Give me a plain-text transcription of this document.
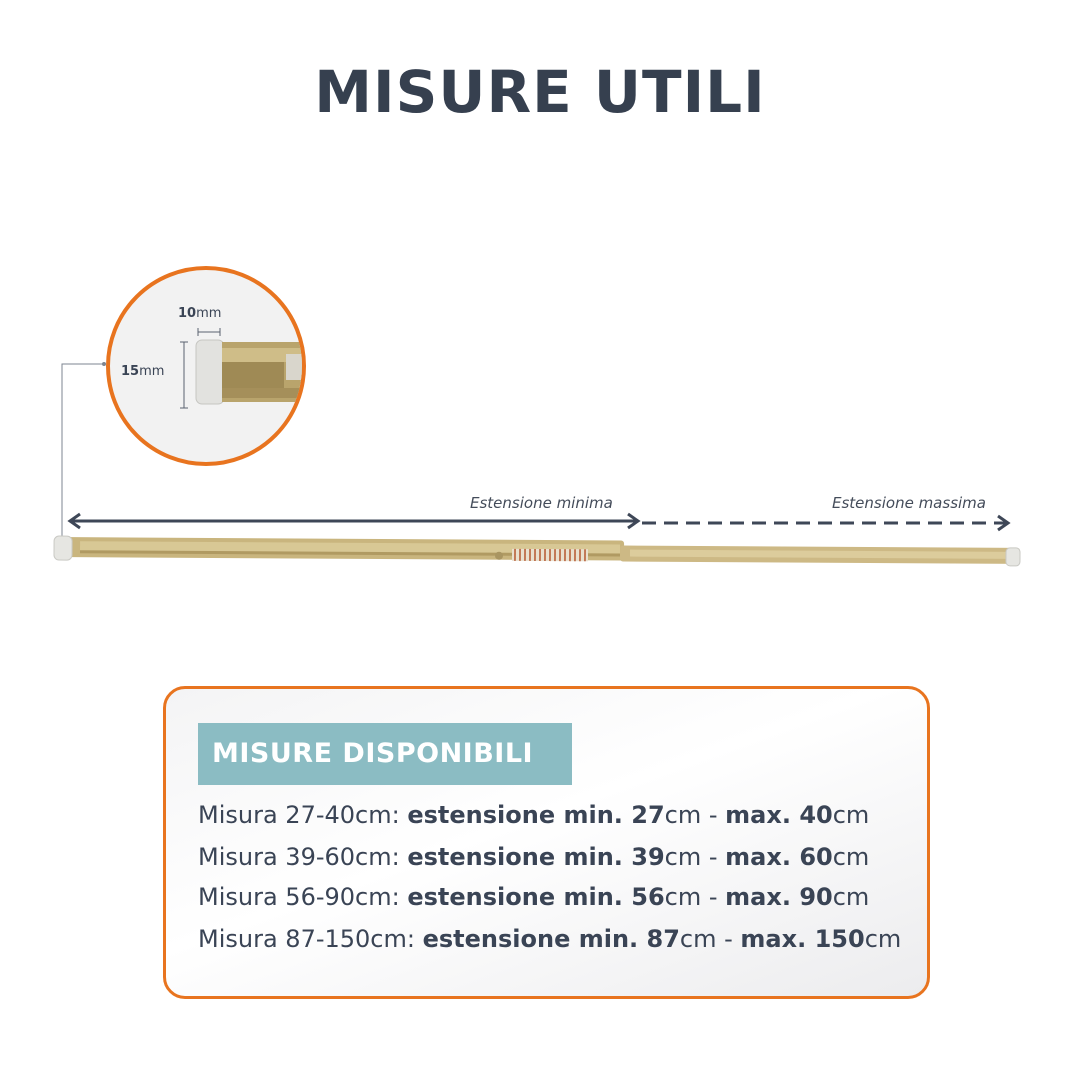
MISURE UTILI
Estensione minima	Estensione massima
10mm
15mm
MISURE DISPONIBILI
Misura 27-40cm: estensione min. 27cm - max. 40cm
Misura 39-60cm: estensione min. 39cm - max. 60cm
Misura 56-90cm: estensione min. 56cm - max. 90cm
Misura 87-150cm: estensione min. 87cm - max. 150cm
